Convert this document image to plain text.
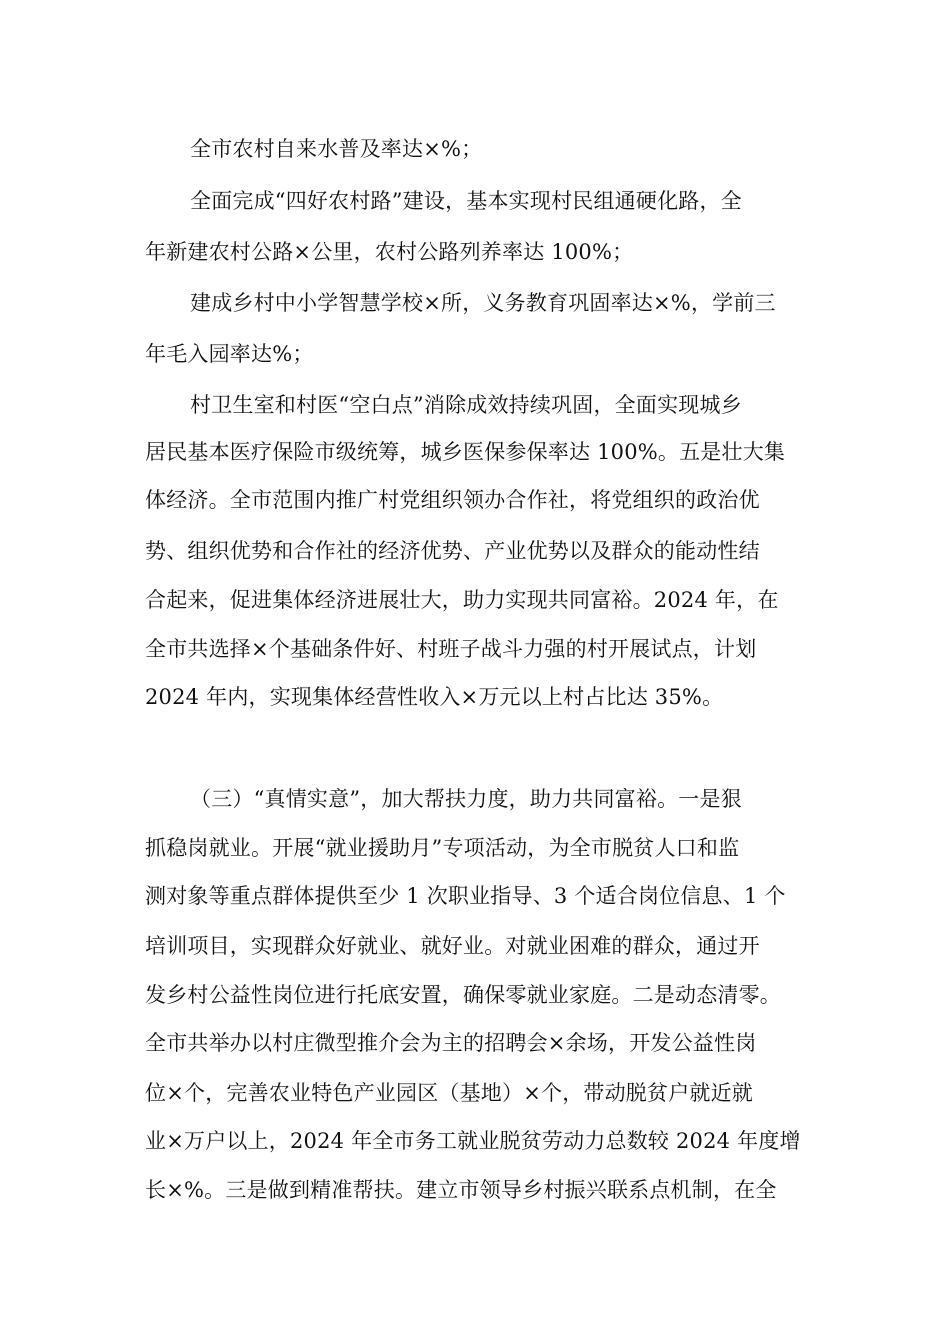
全市农村自来水普及率达×%；
全面完成“四好农村路”建设，基本实现村民组通硬化路，全
年新建农村公路×公里，农村公路列养率达 100%；
建成乡村中小学智慧学校×所，义务教育巩固率达×%，学前三
年毛入园率达%；
村卫生室和村医“空白点”消除成效持续巩固，全面实现城乡
居民基本医疗保险市级统筹，城乡医保参保率达 100%。五是壮大集
体经济。全市范围内推广村党组织领办合作社，将党组织的政治优
势、组织优势和合作社的经济优势、产业优势以及群众的能动性结
合起来，促进集体经济进展壮大，助力实现共同富裕。2024 年，在
全市共选择×个基础条件好、村班子战斗力强的村开展试点，计划
2024 年内，实现集体经营性收入×万元以上村占比达 35%。
（三）“真情实意”，加大帮扶力度，助力共同富裕。一是狠
抓稳岗就业。开展“就业援助月”专项活动，为全市脱贫人口和监
测对象等重点群体提供至少 1 次职业指导、3 个适合岗位信息、1 个
培训项目，实现群众好就业、就好业。对就业困难的群众，通过开
发乡村公益性岗位进行托底安置，确保零就业家庭。二是动态清零。
全市共举办以村庄微型推介会为主的招聘会×余场，开发公益性岗
位×个，完善农业特色产业园区（基地）×个，带动脱贫户就近就
业×万户以上，2024 年全市务工就业脱贫劳动力总数较 2024 年度增
长×%。三是做到精准帮扶。建立市领导乡村振兴联系点机制，在全
